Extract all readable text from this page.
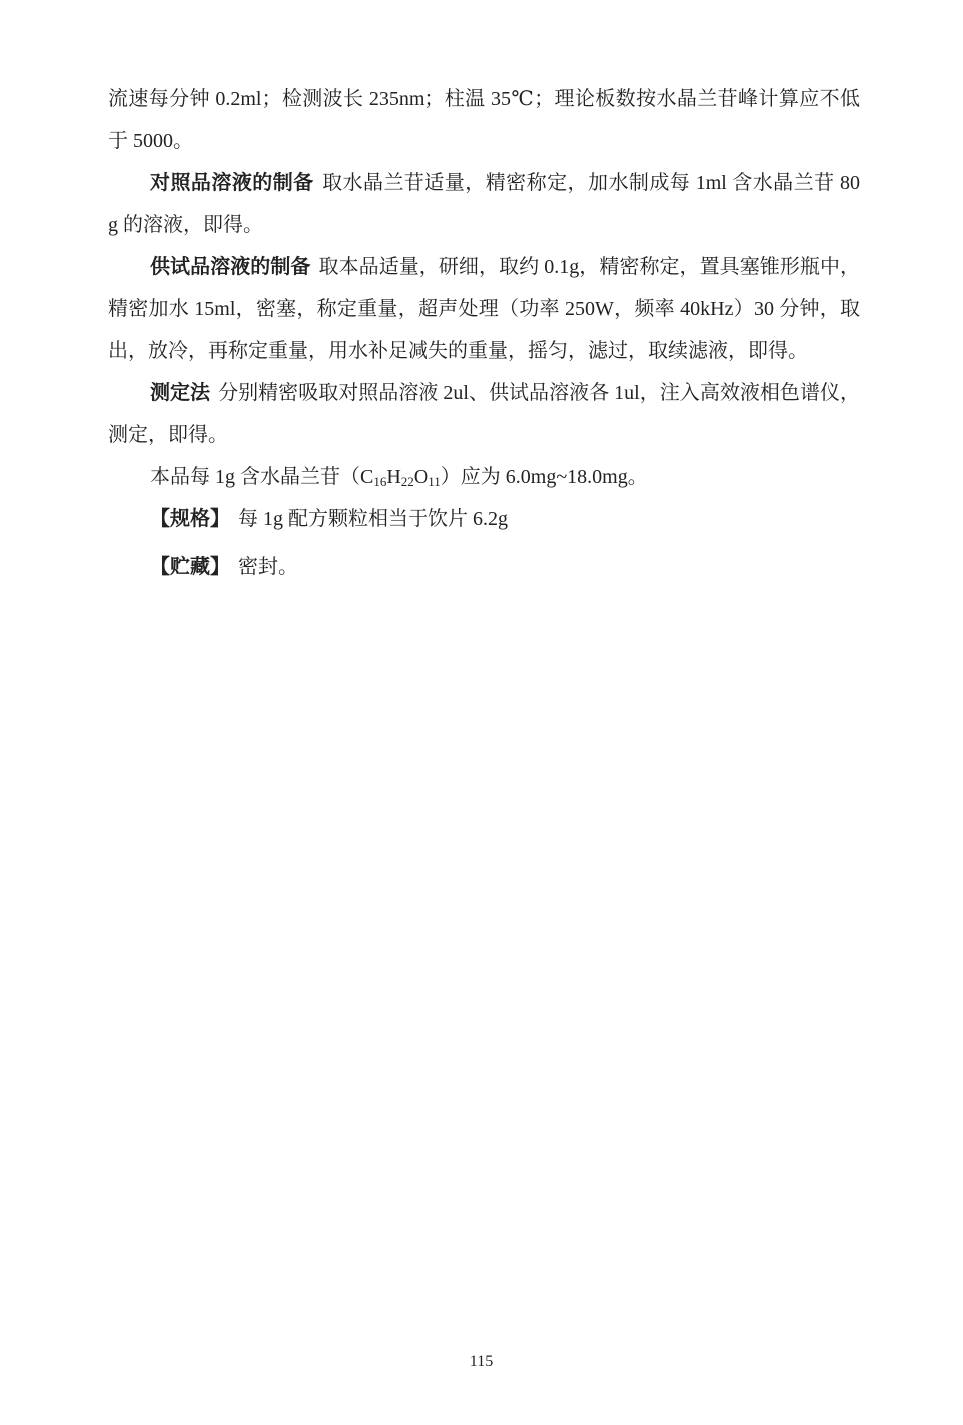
流速每分钟 0.2ml；检测波长 235nm；柱温 35℃；理论板数按水晶兰苷峰计算应不低于 5000。

对照品溶液的制备 取水晶兰苷适量，精密称定，加水制成每 1ml 含水晶兰苷 80　 g 的溶液，即得。

供试品溶液的制备 取本品适量，研细，取约 0.1g，精密称定，置具塞锥形瓶中，精密加水 15ml，密塞，称定重量，超声处理（功率 250W，频率 40kHz）30 分钟，取出，放冷，再称定重量，用水补足减失的重量，摇匀，滤过，取续滤液，即得。

测定法 分别精密吸取对照品溶液 2ul、供试品溶液各 1ul，注入高效液相色谱仪，测定，即得。

本品每 1g 含水晶兰苷$(C_{16}H_{22}O_{11})$应为 6.0mg~18.0mg。

【规格】 每 1g 配方颗粒相当于饮片 6.2g

【贮藏】 密封。

115
